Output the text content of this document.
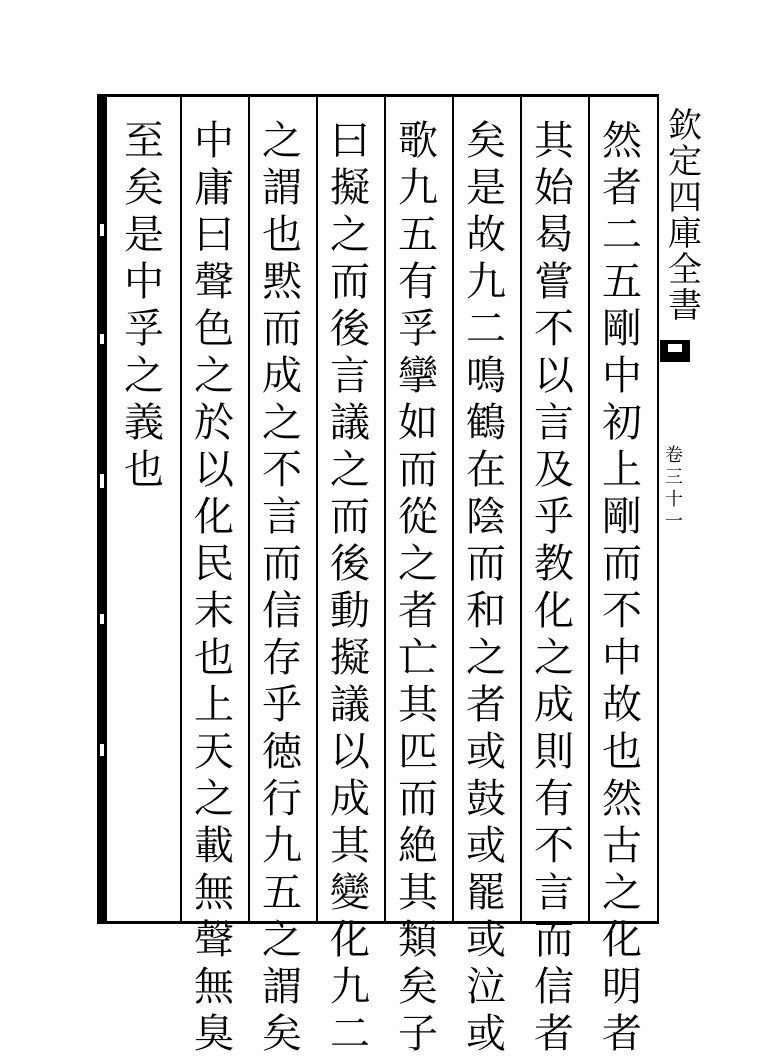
然
者
二
五
剛
中
初
上
剛
而
不
中
故
也
然
古
之
化
明
者
其
始
曷
嘗
不
以
言
及
乎
教
化
之
成
則
有
不
言
而
信
者
矣
是
故
九
二
鳴
鶴
在
陰
而
和
之
者
或
鼓
或
罷
或
泣
或
歌
九
五
有
孚
攣
如
而
從
之
者
亡
其
匹
而
絶
其
類
矣
子
曰
擬
之
而
後
言
議
之
而
後
動
擬
議
以
成
其
變
化
九
二
之
謂
也
黙
而
成
之
不
言
而
信
存
乎
徳
行
九
五
之
謂
矣
中
庸
曰
聲
色
之
於
以
化
民
末
也
上
天
之
載
無
聲
無
臭
至
矣
是
中
孚
之
義
也
欽
定
四
庫
全
書
卷
三
十
一
